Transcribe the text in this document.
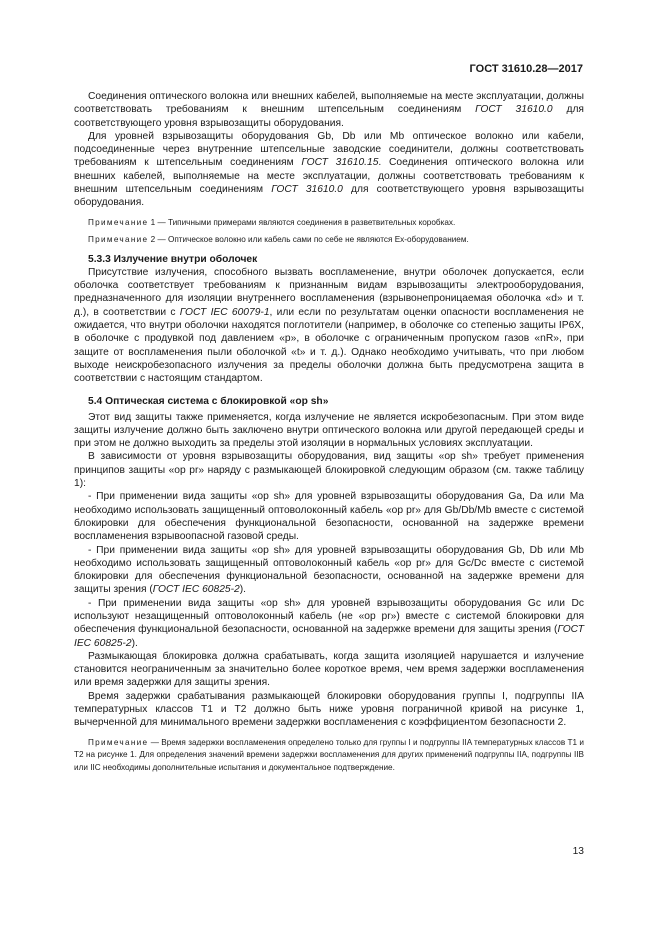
ГОСТ 31610.28—2017

Соединения оптического волокна или внешних кабелей, выполняемые на месте эксплуатации, должны соответствовать требованиям к внешним штепсельным соединениям ГОСТ 31610.0 для соответствующего уровня взрывозащиты оборудования.

Для уровней взрывозащиты оборудования Gb, Db или Mb оптическое волокно или кабели, подсоединенные через внутренние штепсельные заводские соединители, должны соответствовать требованиям к штепсельным соединениям ГОСТ 31610.15. Соединения оптического волокна или внешних кабелей, выполняемые на месте эксплуатации, должны соответствовать требованиям к внешним штепсельным соединениям ГОСТ 31610.0 для соответствующего уровня взрывозащиты оборудования.

Примечание 1 — Типичными примерами являются соединения в разветвительных коробках.

Примечание 2 — Оптическое волокно или кабель сами по себе не являются Ex-оборудованием.

5.3.3 Излучение внутри оболочек

Присутствие излучения, способного вызвать воспламенение, внутри оболочек допускается, если оболочка соответствует требованиям к признанным видам взрывозащиты электрооборудования, предназначенного для изоляции внутреннего воспламенения (взрывонепроницаемая оболочка «d» и т. д.), в соответствии с ГОСТ IEC 60079-1, или если по результатам оценки опасности воспламенения не ожидается, что внутри оболочки находятся поглотители (например, в оболочке со степенью защиты IP6X, в оболочке с продувкой под давлением «р», в оболочке с ограниченным пропуском газов «nR», при защите от воспламенения пыли оболочкой «t» и т. д.). Однако необходимо учитывать, что при любом выходе неискробезопасного излучения за пределы оболочки должна быть предусмотрена защита в соответствии с настоящим стандартом.

5.4 Оптическая система с блокировкой «op sh»

Этот вид защиты также применяется, когда излучение не является искробезопасным. При этом виде защиты излучение должно быть заключено внутри оптического волокна или другой передающей среды и при этом не должно выходить за пределы этой изоляции в нормальных условиях эксплуатации.

В зависимости от уровня взрывозащиты оборудования, вид защиты «op sh» требует применения принципов защиты «op pr» наряду с размыкающей блокировкой следующим образом (см. также таблицу 1):

- При применении вида защиты «op sh» для уровней взрывозащиты оборудования Ga, Da или Ma необходимо использовать защищенный оптоволоконный кабель «op pr» для Gb/Db/Mb вместе с системой блокировки для обеспечения функциональной безопасности, основанной на задержке времени воспламенения взрывоопасной газовой среды.

- При применении вида защиты «op sh» для уровней взрывозащиты оборудования Gb, Db или Mb необходимо использовать защищенный оптоволоконный кабель «op pr» для Gc/Dc вместе с системой блокировки для обеспечения функциональной безопасности, основанной на задержке времени для защиты зрения (ГОСТ IEC 60825-2).

- При применении вида защиты «op sh» для уровней взрывозащиты оборудования Gc или Dc используют незащищенный оптоволоконный кабель (не «op pr») вместе с системой блокировки для обеспечения функциональной безопасности, основанной на задержке времени для защиты зрения (ГОСТ IEC 60825-2).

Размыкающая блокировка должна срабатывать, когда защита изоляцией нарушается и излучение становится неограниченным за значительно более короткое время, чем время задержки воспламенения или время задержки для защиты зрения.

Время задержки срабатывания размыкающей блокировки оборудования группы I, подгруппы IIA температурных классов T1 и T2 должно быть ниже уровня пограничной кривой на рисунке 1, вычерченной для минимального времени задержки воспламенения с коэффициентом безопасности 2.

Примечание — Время задержки воспламенения определено только для группы I и подгруппы IIA температурных классов T1 и T2 на рисунке 1. Для определения значений времени задержки воспламенения для других применений подгруппы IIA, подгруппы IIB или IIC необходимы дополнительные испытания и документальное подтверждение.

13
